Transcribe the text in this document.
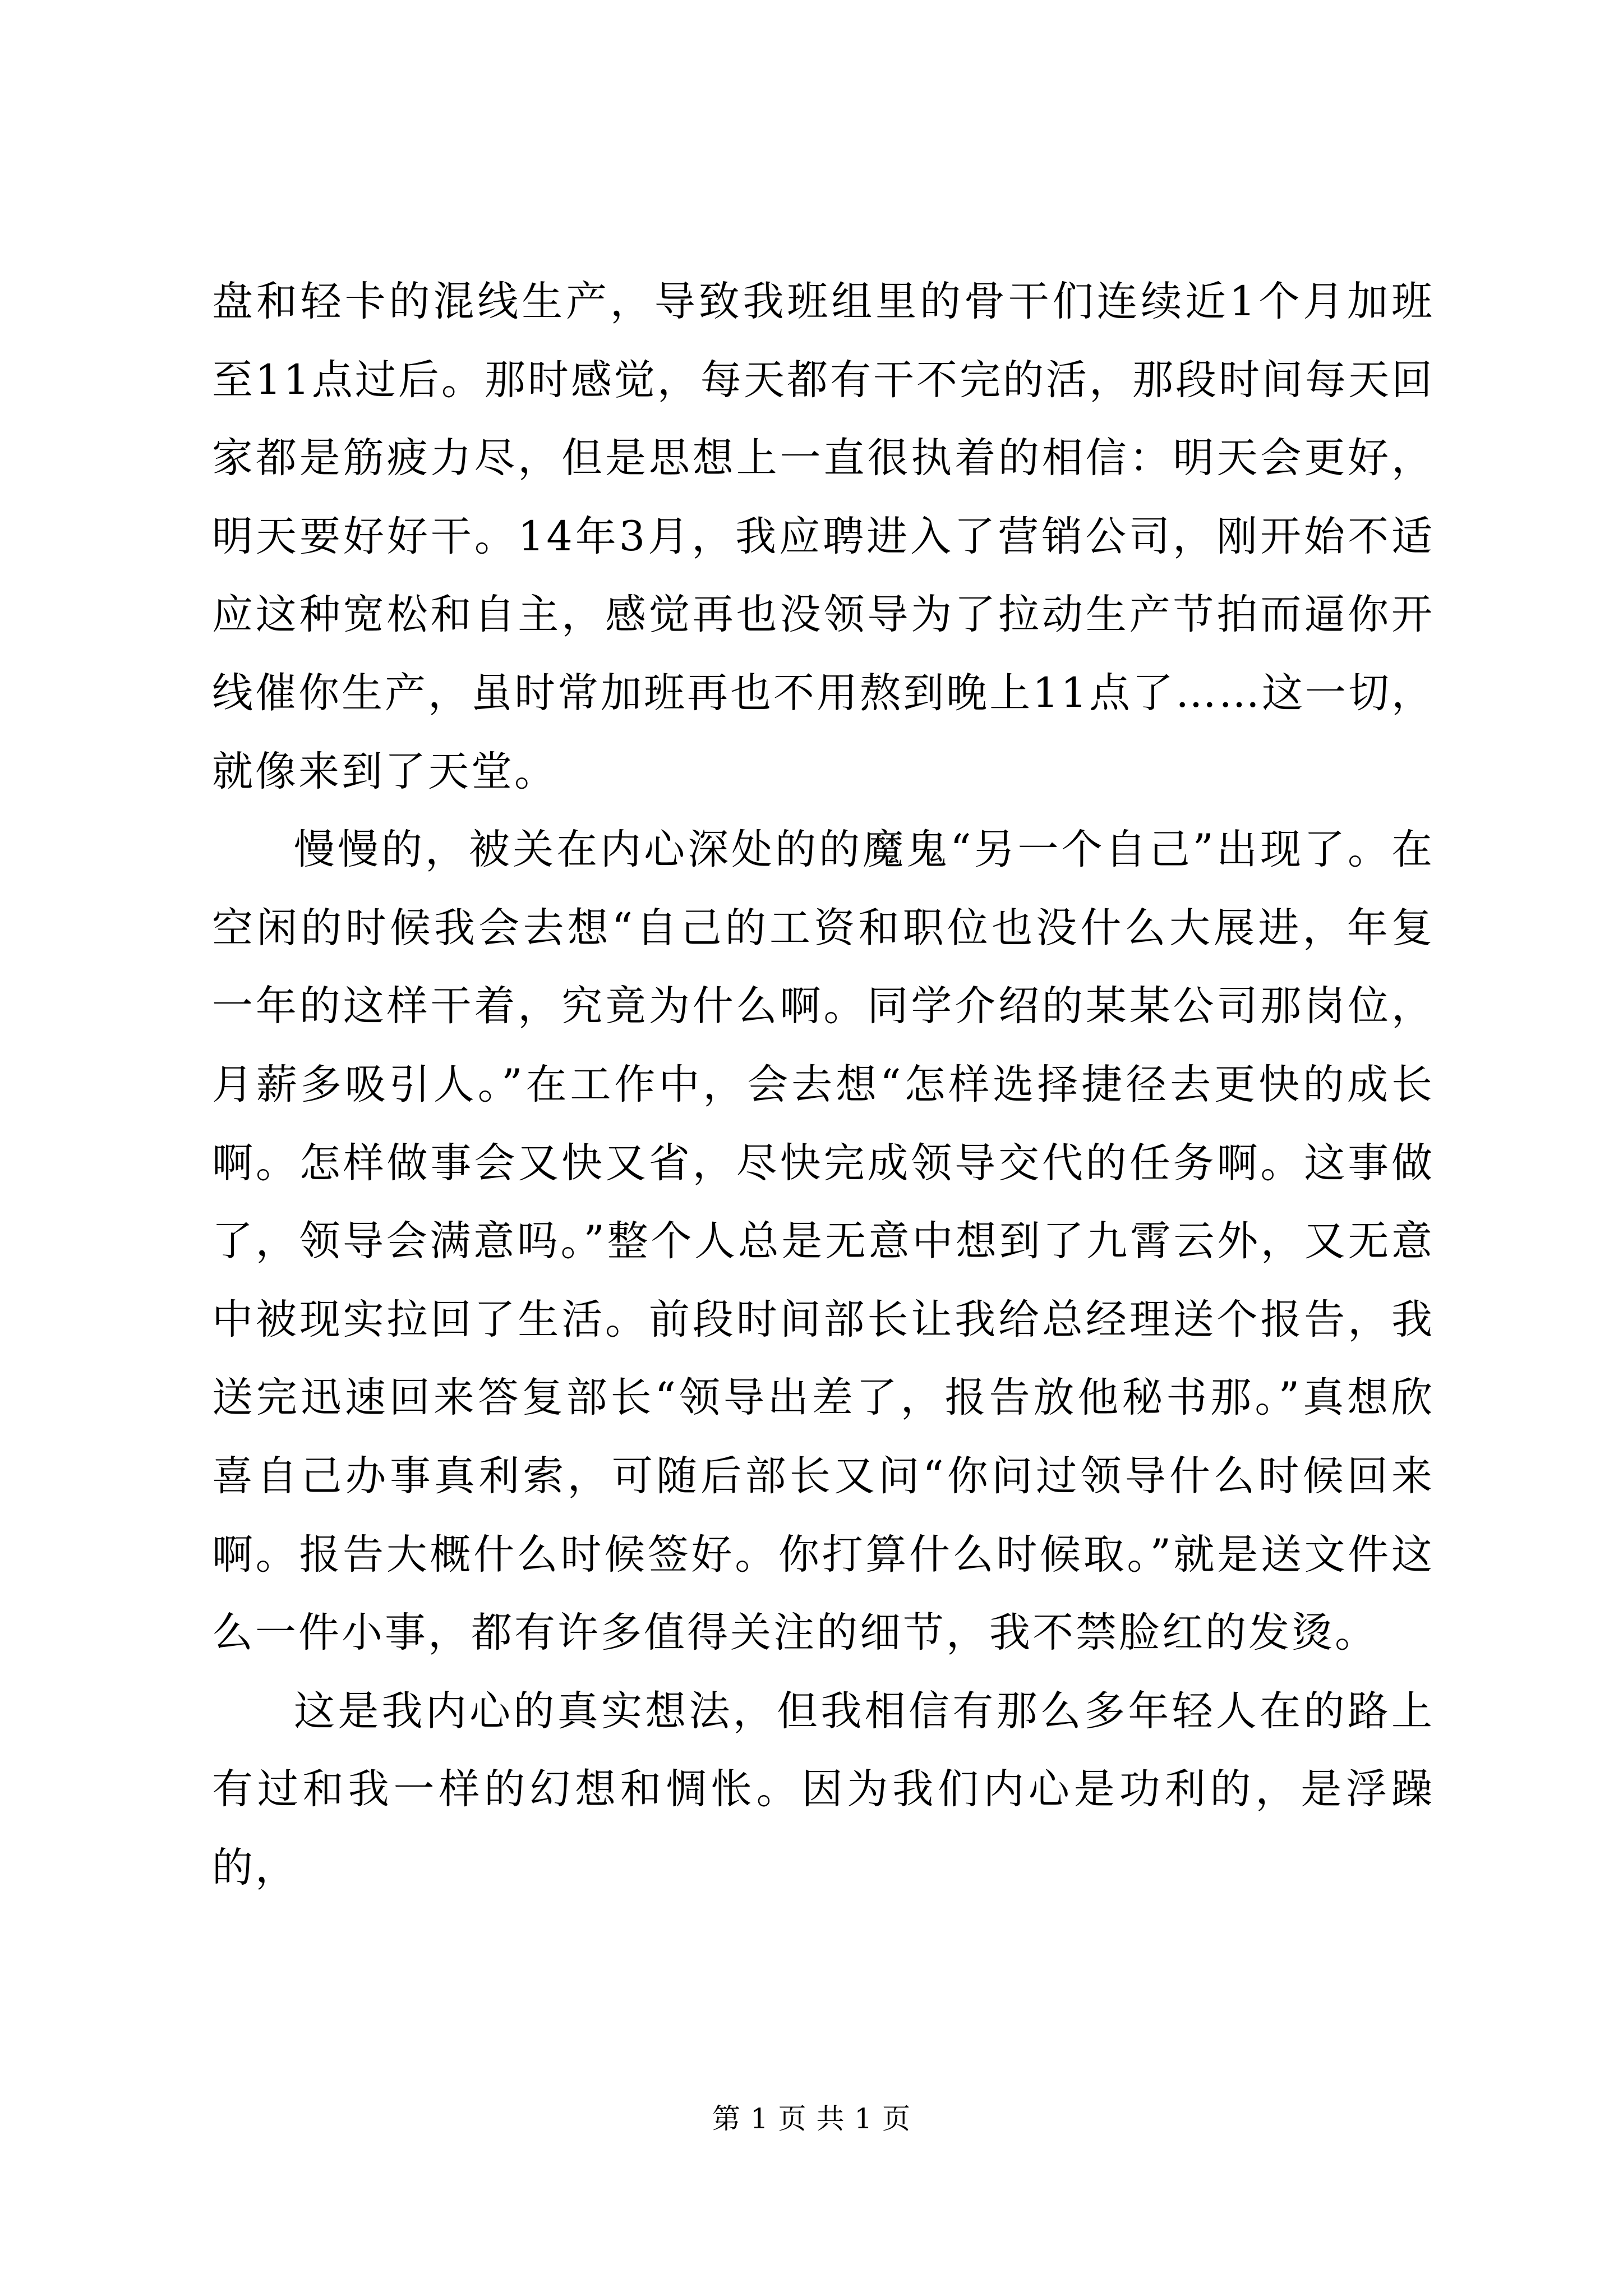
盘和轻卡的混线生产，导致我班组里的骨干们连续近1个月加班至11点过后。那时感觉，每天都有干不完的活，那段时间每天回家都是筋疲力尽，但是思想上一直很执着的相信：明天会更好，明天要好好干。14年3月，我应聘进入了营销公司，刚开始不适应这种宽松和自主，感觉再也没领导为了拉动生产节拍而逼你开线催你生产，虽时常加班再也不用熬到晚上11点了……这一切，就像来到了天堂。

慢慢的，被关在内心深处的的魔鬼“另一个自己”出现了。在空闲的时候我会去想“自己的工资和职位也没什么大展进，年复一年的这样干着，究竟为什么啊。同学介绍的某某公司那岗位，月薪多吸引人。”在工作中，会去想“怎样选择捷径去更快的成长啊。怎样做事会又快又省，尽快完成领导交代的任务啊。这事做了，领导会满意吗。”整个人总是无意中想到了九霄云外，又无意中被现实拉回了生活。前段时间部长让我给总经理送个报告，我送完迅速回来答复部长“领导出差了，报告放他秘书那。”真想欣喜自己办事真利索，可随后部长又问“你问过领导什么时候回来啊。报告大概什么时候签好。你打算什么时候取。”就是送文件这么一件小事，都有许多值得关注的细节，我不禁脸红的发烫。

这是我内心的真实想法，但我相信有那么多年轻人在的路上有过和我一样的幻想和惆怅。因为我们内心是功利的，是浮躁的，

第 1 页 共 1 页
